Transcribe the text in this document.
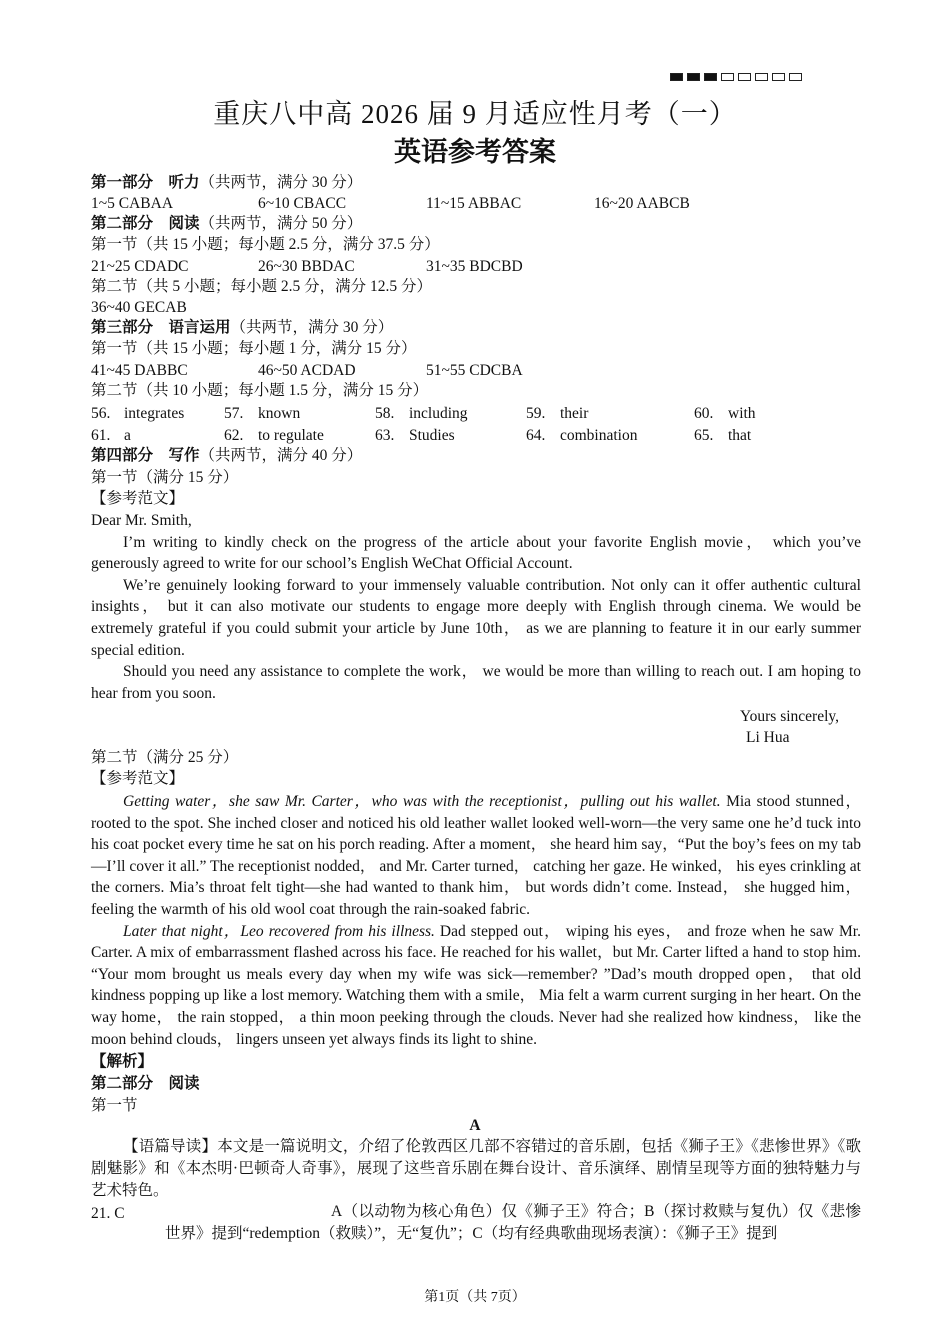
重庆八中高 2026 届 9 月适应性月考（一）
英语参考答案
第一部分　听力（共两节，满分 30 分）
1~5 CABAA	6~10 CBACC	11~15 ABBAC	16~20 AABCB
第二部分　阅读（共两节，满分 50 分）
第一节（共 15 小题；每小题 2.5 分，满分 37.5 分）
21~25 CDADC	26~30 BBDAC	31~35 BDCBD
第二节（共 5 小题；每小题 2.5 分，满分 12.5 分）
36~40 GECAB
第三部分　语言运用（共两节，满分 30 分）
第一节（共 15 小题；每小题 1 分，满分 15 分）
41~45 DABBC	46~50 ACDAD	51~55 CDCBA
第二节（共 10 小题；每小题 1.5 分，满分 15 分）
56. integrates	57. known	58. including	59. their	60. with
61. a	62. to regulate	63. Studies	64. combination	65. that
第四部分　写作（共两节，满分 40 分）
第一节（满分 15 分）
【参考范文】

Dear Mr. Smith,

I’m writing to kindly check on the progress of the article about your favorite English movie， which you’ve generously agreed to write for our school’s English WeChat Official Account.

We’re genuinely looking forward to your immensely valuable contribution. Not only can it offer authentic cultural insights， but it can also motivate our students to engage more deeply with English through cinema. We would be extremely grateful if you could submit your article by June 10th， as we are planning to feature it in our early summer special edition.

Should you need any assistance to complete the work， we would be more than willing to reach out. I am hoping to hear from you soon.

Yours sincerely,
Li Hua
第二节（满分 25 分）
【参考范文】

Getting water，she saw Mr. Carter，who was with the receptionist，pulling out his wallet. Mia stood stunned，rooted to the spot. She inched closer and noticed his old leather wallet looked well-worn—the very same one he’d tuck into his coat pocket every time he sat on his porch reading. After a moment， she heard him say，“Put the boy’s fees on my tab—I’ll cover it all.” The receptionist nodded， and Mr. Carter turned， catching her gaze. He winked， his eyes crinkling at the corners. Mia’s throat felt tight—she had wanted to thank him， but words didn’t come. Instead， she hugged him， feeling the warmth of his old wool coat through the rain-soaked fabric.

Later that night，Leo recovered from his illness. Dad stepped out， wiping his eyes， and froze when he saw Mr. Carter. A mix of embarrassment flashed across his face. He reached for his wallet，but Mr. Carter lifted a hand to stop him. “Your mom brought us meals every day when my wife was sick—remember? ”Dad’s mouth dropped open， that old kindness popping up like a lost memory. Watching them with a smile， Mia felt a warm current surging in her heart. On the way home， the rain stopped， a thin moon peeking through the clouds. Never had she realized how kindness， like the moon behind clouds， lingers unseen yet always finds its light to shine.

【解析】
第二部分　阅读
第一节
A

【语篇导读】本文是一篇说明文，介绍了伦敦西区几部不容错过的音乐剧，包括《狮子王》《悲惨世界》《歌剧魅影》和《本杰明·巴顿奇人奇事》，展现了这些音乐剧在舞台设计、音乐演绎、剧情呈现等方面的独特魅力与艺术特色。

21. C	A（以动物为核心角色）仅《狮子王》符合；B（探讨救赎与复仇）仅《悲惨世界》提到“redemption（救赎）”，无“复仇”；C（均有经典歌曲现场表演）：《狮子王》提到

第1页（共 7页）
